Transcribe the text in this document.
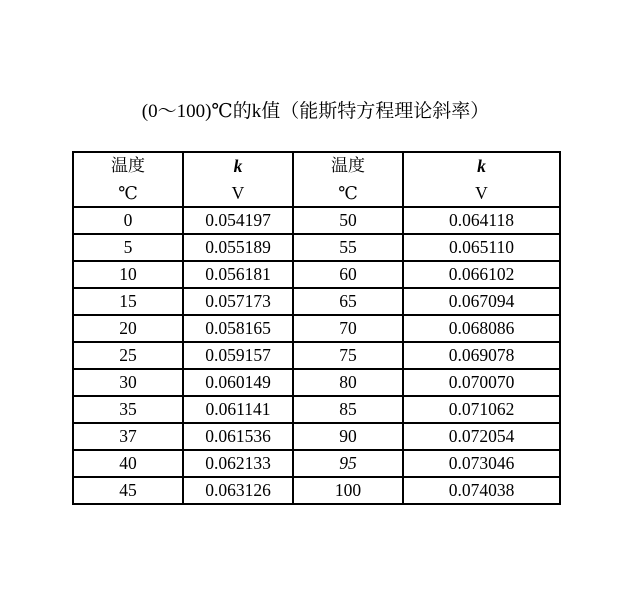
(0〜100)℃的k值（能斯特方程理论斜率）
温度	k	温度	k
℃	V	℃	V
0	0.054197	50	0.064118
5	0.055189	55	0.065110
10	0.056181	60	0.066102
15	0.057173	65	0.067094
20	0.058165	70	0.068086
25	0.059157	75	0.069078
30	0.060149	80	0.070070
35	0.061141	85	0.071062
37	0.061536	90	0.072054
40	0.062133	95	0.073046
45	0.063126	100	0.074038
